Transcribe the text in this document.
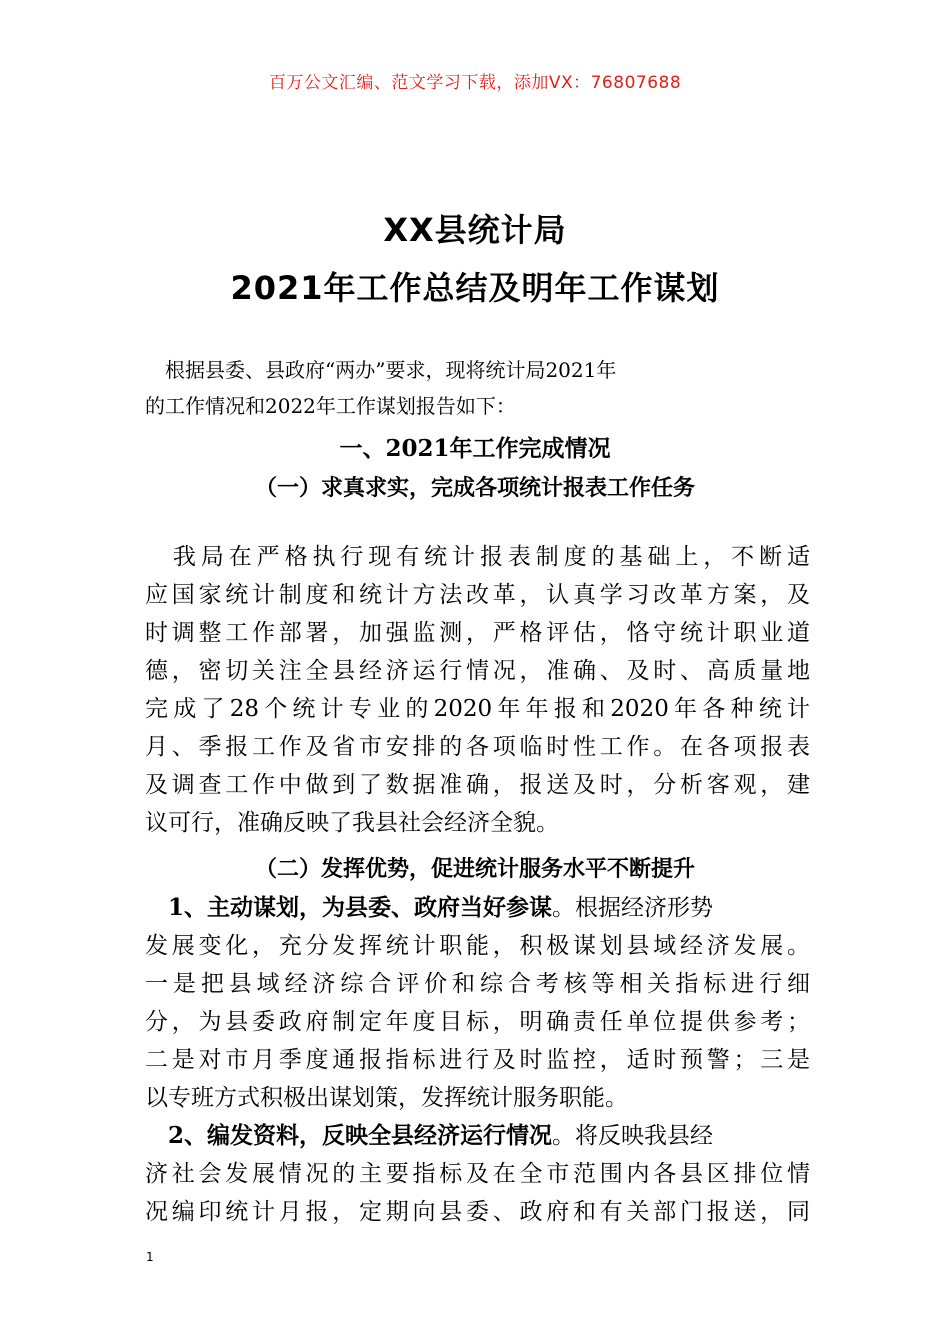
百万公文汇编、范文学习下载，添加VX：76807688
XX县统计局
2021年工作总结及明年工作谋划
　根据县委、县政府“两办”要求，现将统计局2021年
的工作情况和2022年工作谋划报告如下：
一、2021年工作完成情况
（一）求真求实，完成各项统计报表工作任务
　我局在严格执行现有统计报表制度的基础上，不断适
应国家统计制度和统计方法改革，认真学习改革方案，及
时调整工作部署，加强监测，严格评估，恪守统计职业道
德，密切关注全县经济运行情况，准确、及时、高质量地
完成了28个统计专业的2020年年报和2020年各种统计
月、季报工作及省市安排的各项临时性工作。在各项报表
及调查工作中做到了数据准确，报送及时，分析客观，建
议可行，准确反映了我县社会经济全貌。
（二）发挥优势，促进统计服务水平不断提升
　1、主动谋划，为县委、政府当好参谋。根据经济形势
发展变化，充分发挥统计职能，积极谋划县域经济发展。
一是把县域经济综合评价和综合考核等相关指标进行细
分，为县委政府制定年度目标，明确责任单位提供参考；
二是对市月季度通报指标进行及时监控，适时预警；三是
以专班方式积极出谋划策，发挥统计服务职能。
　2、编发资料，反映全县经济运行情况。将反映我县经
济社会发展情况的主要指标及在全市范围内各县区排位情
况编印统计月报，定期向县委、政府和有关部门报送，同
1
